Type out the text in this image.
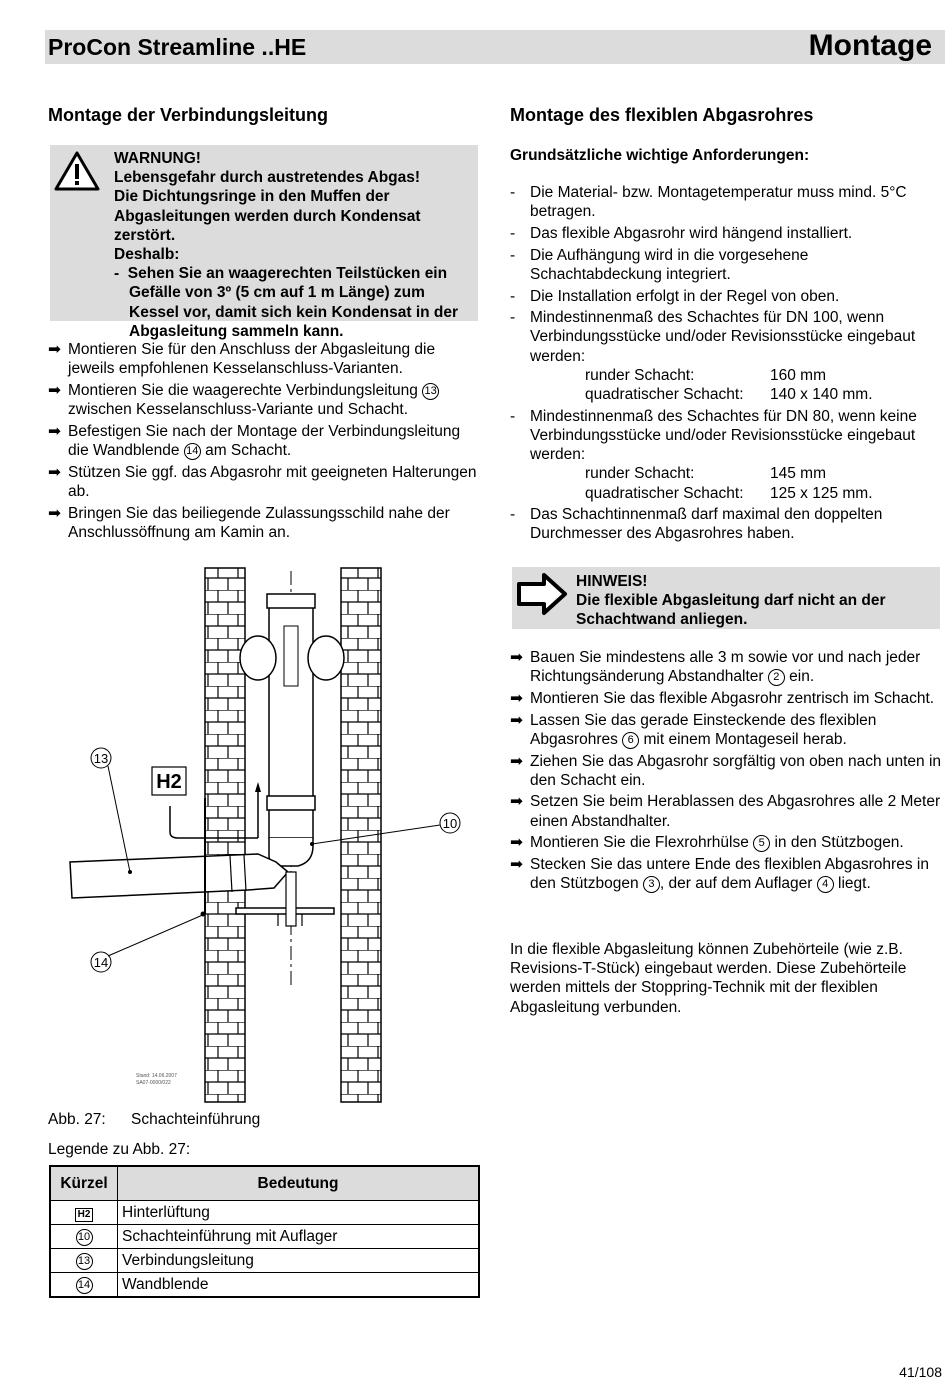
ProCon Streamline ..HE	Montage
Montage der Verbindungsleitung

WARNUNG!

Lebensgefahr durch austretendes Abgas!

Die Dichtungsringe in den Muffen der Abgasleitungen werden durch Kondensat zerstört.

Deshalb:

-  Sehen Sie an waagerechten Teilstücken ein Gefälle von 3º (5 cm auf 1 m Länge) zum Kessel vor, damit sich kein Kondensat in der Abgasleitung sammeln kann.

➡ Montieren Sie für den Anschluss der Abgasleitung die jeweils empfohlenen Kesselanschluss-Varianten.
➡ Montieren Sie die waagerechte Verbindungsleitung 13 zwischen Kesselanschluss-Variante und Schacht.
➡ Befestigen Sie nach der Montage der Verbindungsleitung die Wandblende 14 am Schacht.
➡ Stützen Sie ggf. das Abgasrohr mit geeigneten Halterungen ab.
➡ Bringen Sie das beiliegende Zulassungsschild nahe der Anschlussöffnung am Kamin an.
H2
13
10
14
Stand: 14.06.2007
SA07-0000/022
Abb. 27: Schachteinführung
Legende zu Abb. 27:
Kürzel	Bedeutung
H2	Hinterlüftung
10	Schachteinführung mit Auflager
13	Verbindungsleitung
14	Wandblende
Montage des flexiblen Abgasrohres
Grundsätzliche wichtige Anforderungen:
- Die Material- bzw. Montagetemperatur muss mind. 5°C betragen.
- Das flexible Abgasrohr wird hängend installiert.
- Die Aufhängung wird in die vorgesehene Schachtabdeckung integriert.
- Die Installation erfolgt in der Regel von oben.
- Mindestinnenmaß des Schachtes für DN 100, wenn Verbindungsstücke und/oder Revisionsstücke eingebaut werden:
runder Schacht:	160 mm
quadratischer Schacht:	140 x 140 mm.
- Mindestinnenmaß des Schachtes für DN 80, wenn keine Verbindungsstücke und/oder Revisionsstücke eingebaut werden:
runder Schacht:	145 mm
quadratischer Schacht:	125 x 125 mm.
- Das Schachtinnenmaß darf maximal den doppelten Durchmesser des Abgasrohres haben.

HINWEIS!

Die flexible Abgasleitung darf nicht an der Schachtwand anliegen.

➡ Bauen Sie mindestens alle 3 m sowie vor und nach jeder Richtungsänderung Abstandhalter 2 ein.
➡ Montieren Sie das flexible Abgasrohr zentrisch im Schacht.
➡ Lassen Sie das gerade Einsteckende des flexiblen Abgasrohres 6 mit einem Montageseil herab.
➡ Ziehen Sie das Abgasrohr sorgfältig von oben nach unten in den Schacht ein.
➡ Setzen Sie beim Herablassen des Abgasrohres alle 2 Meter einen Abstandhalter.
➡ Montieren Sie die Flexrohrhülse 5 in den Stützbogen.
➡ Stecken Sie das untere Ende des flexiblen Abgasrohres in den Stützbogen 3 , der auf dem Auflager 4 liegt.
In die flexible Abgasleitung können Zubehörteile (wie z.B. Revisions-T-Stück) eingebaut werden. Diese Zubehörteile werden mittels der Stoppring-Technik mit der flexiblen Abgasleitung verbunden.
41/108
